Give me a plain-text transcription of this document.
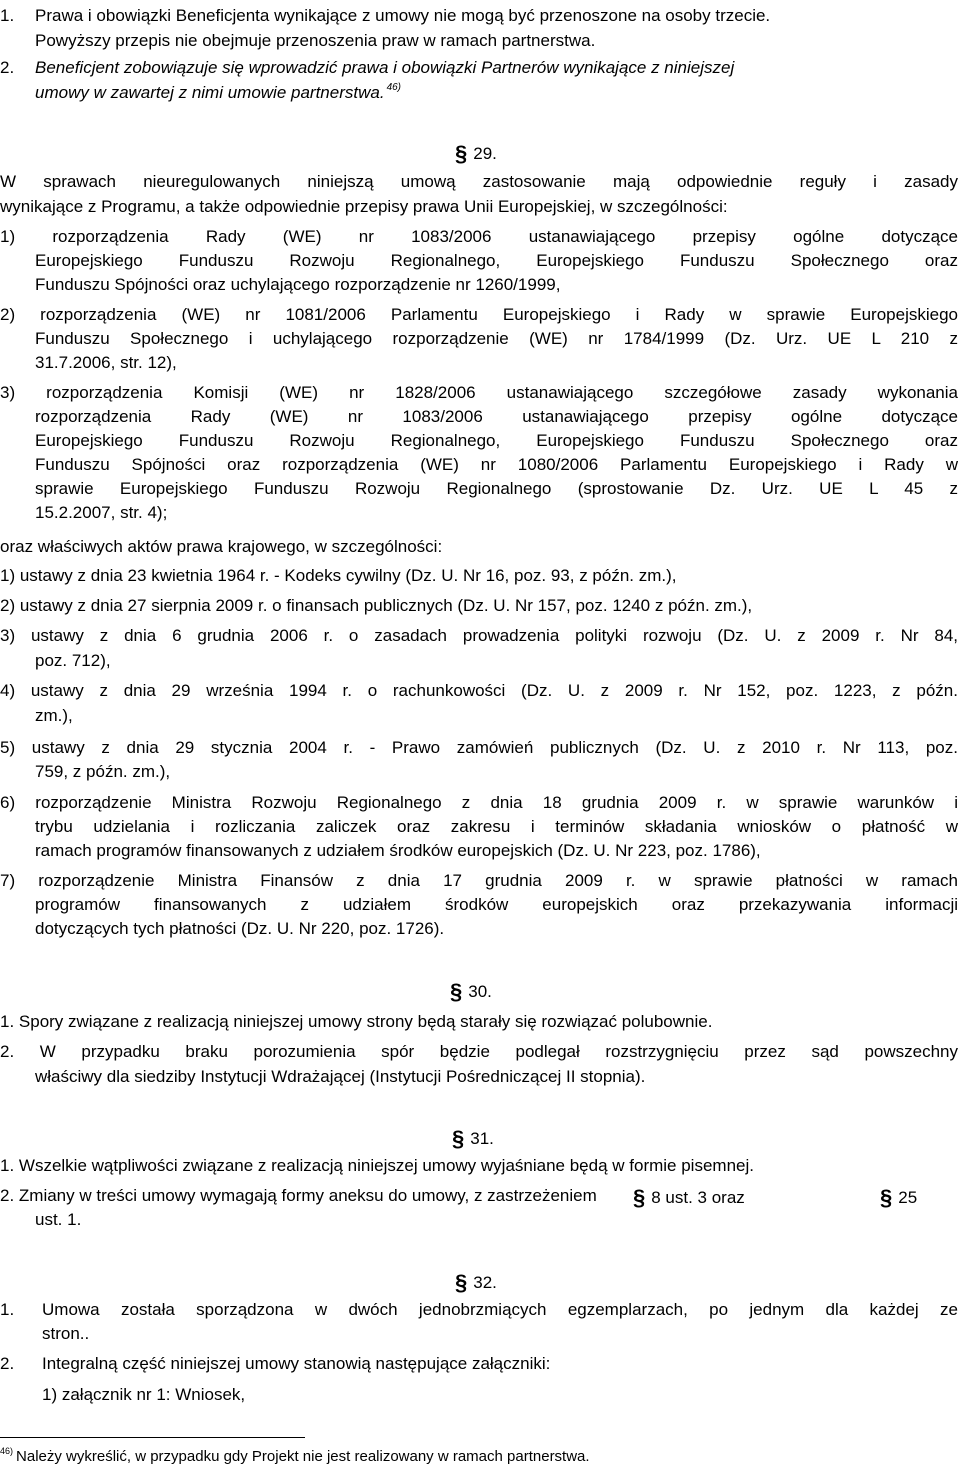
1. Prawa i obowiązki Beneficjenta wynikające z umowy nie mogą być przenoszone na osoby trzecie.
Powyższy przepis nie obejmuje przenoszenia praw w ramach partnerstwa.
2. Beneficjent zobowiązuje się wprowadzić prawa i obowiązki Partnerów wynikające z niniejszej
umowy w zawartej z nimi umowie partnerstwa. $^{46)}$
§ 29.
W sprawach nieuregulowanych niniejszą umową zastosowanie mają odpowiednie reguły i zasady
wynikające z Programu, a także odpowiednie przepisy prawa Unii Europejskiej, w szczególności:
1) rozporządzenia Rady (WE) nr 1083/2006 ustanawiającego przepisy ogólne dotyczące
Europejskiego Funduszu Rozwoju Regionalnego, Europejskiego Funduszu Społecznego oraz
Funduszu Spójności oraz uchylającego rozporządzenie nr 1260/1999,
2) rozporządzenia (WE) nr 1081/2006 Parlamentu Europejskiego i Rady w sprawie Europejskiego
Funduszu Społecznego i uchylającego rozporządzenie (WE) nr 1784/1999 (Dz. Urz. UE L 210 z
31.7.2006, str. 12),
3) rozporządzenia Komisji (WE) nr 1828/2006 ustanawiającego szczegółowe zasady wykonania
rozporządzenia Rady (WE) nr 1083/2006 ustanawiającego przepisy ogólne dotyczące
Europejskiego Funduszu Rozwoju Regionalnego, Europejskiego Funduszu Społecznego oraz
Funduszu Spójności oraz rozporządzenia (WE) nr 1080/2006 Parlamentu Europejskiego i Rady w
sprawie Europejskiego Funduszu Rozwoju Regionalnego (sprostowanie Dz. Urz. UE L 45 z
15.2.2007, str. 4);
oraz właściwych aktów prawa krajowego, w szczególności:
1) ustawy z dnia 23 kwietnia 1964 r. - Kodeks cywilny (Dz. U. Nr 16, poz. 93, z późn. zm.),
2) ustawy z dnia 27 sierpnia 2009 r. o finansach publicznych (Dz. U. Nr 157, poz. 1240 z późn. zm.),
3) ustawy z dnia 6 grudnia 2006 r. o zasadach prowadzenia polityki rozwoju (Dz. U. z 2009 r. Nr 84,
poz. 712),
4) ustawy z dnia 29 września 1994 r. o rachunkowości (Dz. U. z 2009 r. Nr 152, poz. 1223, z późn.
zm.),
5) ustawy z dnia 29 stycznia 2004 r. - Prawo zamówień publicznych (Dz. U. z 2010 r. Nr 113, poz.
759, z późn. zm.),
6) rozporządzenie Ministra Rozwoju Regionalnego z dnia 18 grudnia 2009 r. w sprawie warunków i
trybu udzielania i rozliczania zaliczek oraz zakresu i terminów składania wniosków o płatność w
ramach programów finansowanych z udziałem środków europejskich (Dz. U. Nr 223, poz. 1786),
7) rozporządzenie Ministra Finansów z dnia 17 grudnia 2009 r. w sprawie płatności w ramach
programów finansowanych z udziałem środków europejskich oraz przekazywania informacji
dotyczących tych płatności (Dz. U. Nr 220, poz. 1726).
§ 30.
1. Spory związane z realizacją niniejszej umowy strony będą starały się rozwiązać polubownie.
2. W przypadku braku porozumienia spór będzie podlegał rozstrzygnięciu przez sąd powszechny
właściwy dla siedziby Instytucji Wdrażającej (Instytucji Pośredniczącej II stopnia).
§ 31.
1. Wszelkie wątpliwości związane z realizacją niniejszej umowy wyjaśniane będą w formie pisemnej.
2. Zmiany w treści umowy wymagają formy aneksu do umowy, z zastrzeżeniem § 8 ust. 3 oraz	§ 25
ust. 1.
§ 32.
1. Umowa została sporządzona w dwóch jednobrzmiących egzemplarzach, po jednym dla każdej ze
stron..
2. Integralną część niniejszej umowy stanowią następujące załączniki:
1) załącznik nr 1: Wniosek,
$^{46)}$ Należy wykreślić, w przypadku gdy Projekt nie jest realizowany w ramach partnerstwa.
